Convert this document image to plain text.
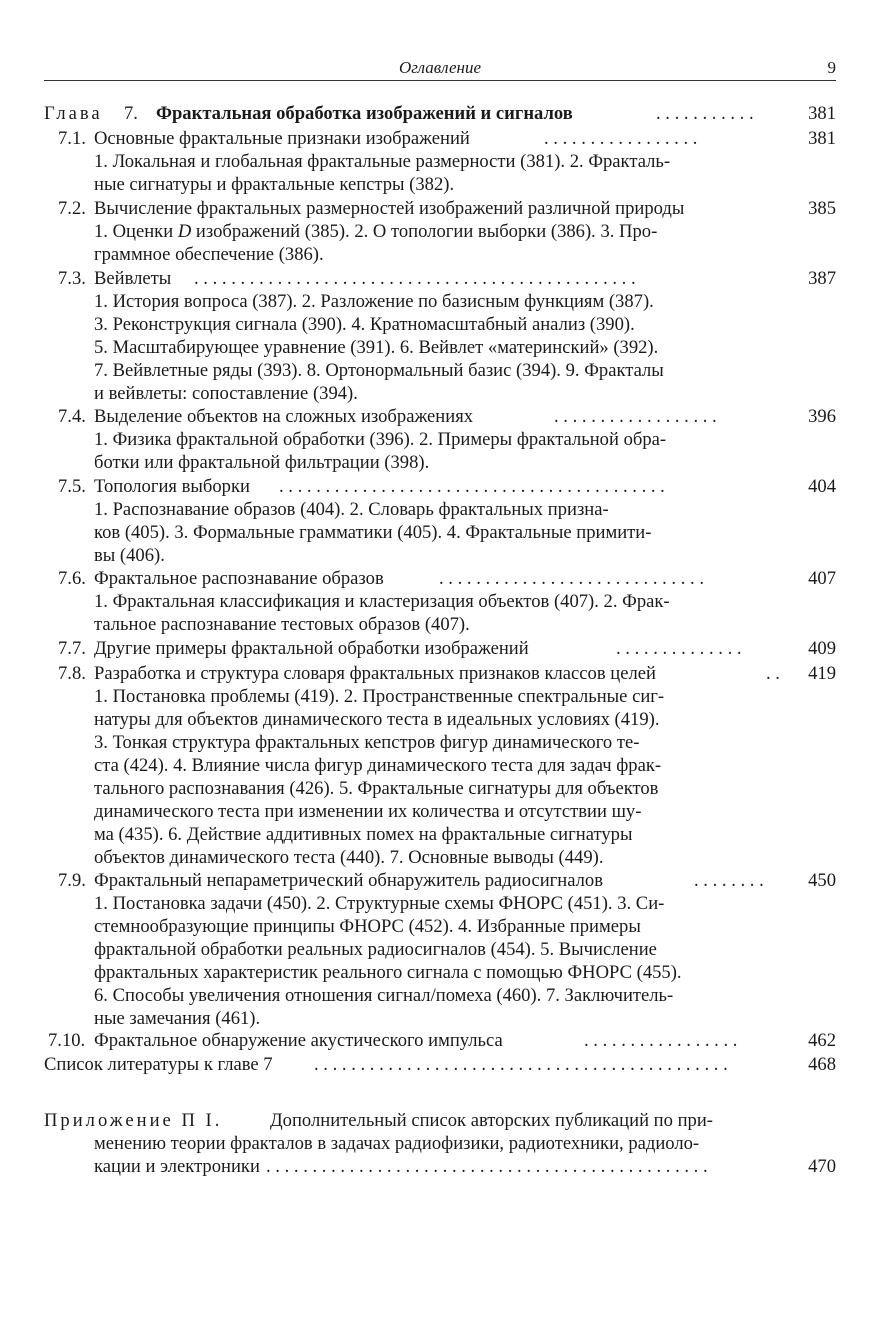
Оглавление	9
Глава 7. Фрактальная обработка изображений и сигналов	. . . . . . . . . . .	381
7.1. Основные фрактальные признаки изображений	. . . . . . . . . . . . . . . . .	381
1. Локальная и глобальная фрактальные размерности (381). 2. Фракталь-
ные сигнатуры и фрактальные кепстры (382).
7.2. Вычисление фрактальных размерностей изображений различной природы	385
1. Оценки D изображений (385). 2. О топологии выборки (386). 3. Про-
граммное обеспечение (386).
7.3. Вейвлеты . . . . . . . . . . . . . . . . . . . . . . . . . . . . . . . . . . . . . . . . . . . . . . . .	387
1. История вопроса (387). 2. Разложение по базисным функциям (387).
3. Реконструкция сигнала (390). 4. Кратномасштабный анализ (390).
5. Масштабирующее уравнение (391). 6. Вейвлет «материнский» (392).
7. Вейвлетные ряды (393). 8. Ортонормальный базис (394). 9. Фракталы
и вейвлеты: сопоставление (394).
7.4. Выделение объектов на сложных изображениях	. . . . . . . . . . . . . . . . . .	396
1. Физика фрактальной обработки (396). 2. Примеры фрактальной обра-
ботки или фрактальной фильтрации (398).
7.5. Топология выборки . . . . . . . . . . . . . . . . . . . . . . . . . . . . . . . . . . . . . . . . . .	404
1. Распознавание образов (404). 2. Словарь фрактальных призна-
ков (405). 3. Формальные грамматики (405). 4. Фрактальные примити-
вы (406).
7.6. Фрактальное распознавание образов	. . . . . . . . . . . . . . . . . . . . . . . . . . . . .	407
1. Фрактальная классификация и кластеризация объектов (407). 2. Фрак-
тальное распознавание тестовых образов (407).
7.7. Другие примеры фрактальной обработки изображений	. . . . . . . . . . . . . .	409
7.8. Разработка и структура словаря фрактальных признаков классов целей	. .	419
1. Постановка проблемы (419). 2. Пространственные спектральные сиг-
натуры для объектов динамического теста в идеальных условиях (419).
3. Тонкая структура фрактальных кепстров фигур динамического те-
ста (424). 4. Влияние числа фигур динамического теста для задач фрак-
тального распознавания (426). 5. Фрактальные сигнатуры для объектов
динамического теста при изменении их количества и отсутствии шу-
ма (435). 6. Действие аддитивных помех на фрактальные сигнатуры
объектов динамического теста (440). 7. Основные выводы (449).
7.9. Фрактальный непараметрический обнаружитель радиосигналов	. . . . . . . .	450
1. Постановка задачи (450). 2. Структурные схемы ФНОРС (451). 3. Си-
стемнообразующие принципы ФНОРС (452). 4. Избранные примеры
фрактальной обработки реальных радиосигналов (454). 5. Вычисление
фрактальных характеристик реального сигнала с помощью ФНОРС (455).
6. Способы увеличения отношения сигнал/помеха (460). 7. Заключитель-
ные замечания (461).
7.10. Фрактальное обнаружение акустического импульса	. . . . . . . . . . . . . . . . .	462
Список литературы к главе 7 . . . . . . . . . . . . . . . . . . . . . . . . . . . . . . . . . . . . . . . . . . . . .	468
Приложение П I.	Дополнительный список авторских публикаций по при-
менению теории фракталов в задачах радиофизики, радиотехники, радиоло-
кации и электроники . . . . . . . . . . . . . . . . . . . . . . . . . . . . . . . . . . . . . . . . . . . . . . . .	470
